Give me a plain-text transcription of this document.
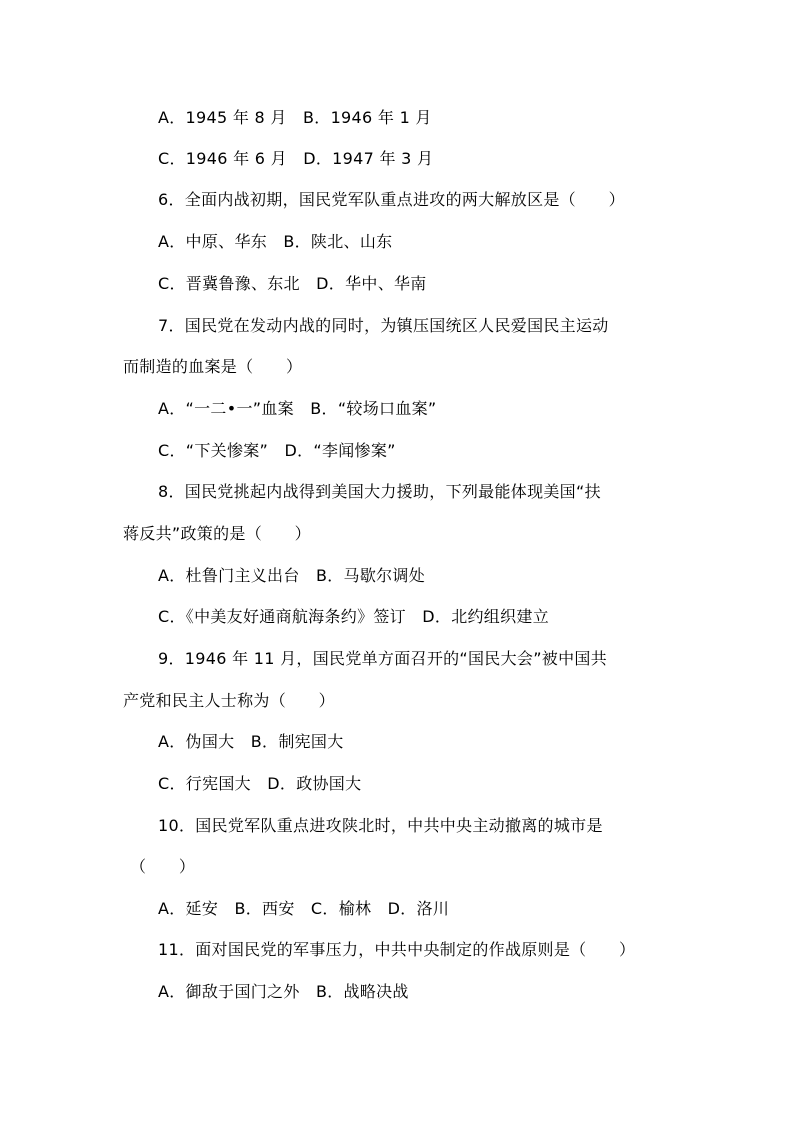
A．1945 年 8 月　B．1946 年 1 月
C．1946 年 6 月　D．1947 年 3 月
6．全面内战初期，国民党军队重点进攻的两大解放区是（　　）
A．中原、华东　B．陕北、山东
C．晋冀鲁豫、东北　D．华中、华南
7．国民党在发动内战的同时，为镇压国统区人民爱国民主运动
而制造的血案是（　　）
A．“一二•一”血案　B．“较场口血案”
C．“下关惨案”　D．“李闻惨案”
8．国民党挑起内战得到美国大力援助，下列最能体现美国“扶
蒋反共”政策的是（　　）
A．杜鲁门主义出台　B．马歇尔调处
C．《中美友好通商航海条约》签订　D．北约组织建立
9．1946 年 11 月，国民党单方面召开的“国民大会”被中国共
产党和民主人士称为（　　）
A．伪国大　B．制宪国大
C．行宪国大　D．政协国大
10．国民党军队重点进攻陕北时，中共中央主动撤离的城市是
（　　）
A．延安　B．西安　C．榆林　D．洛川
11．面对国民党的军事压力，中共中央制定的作战原则是（　　）
A．御敌于国门之外　B．战略决战
